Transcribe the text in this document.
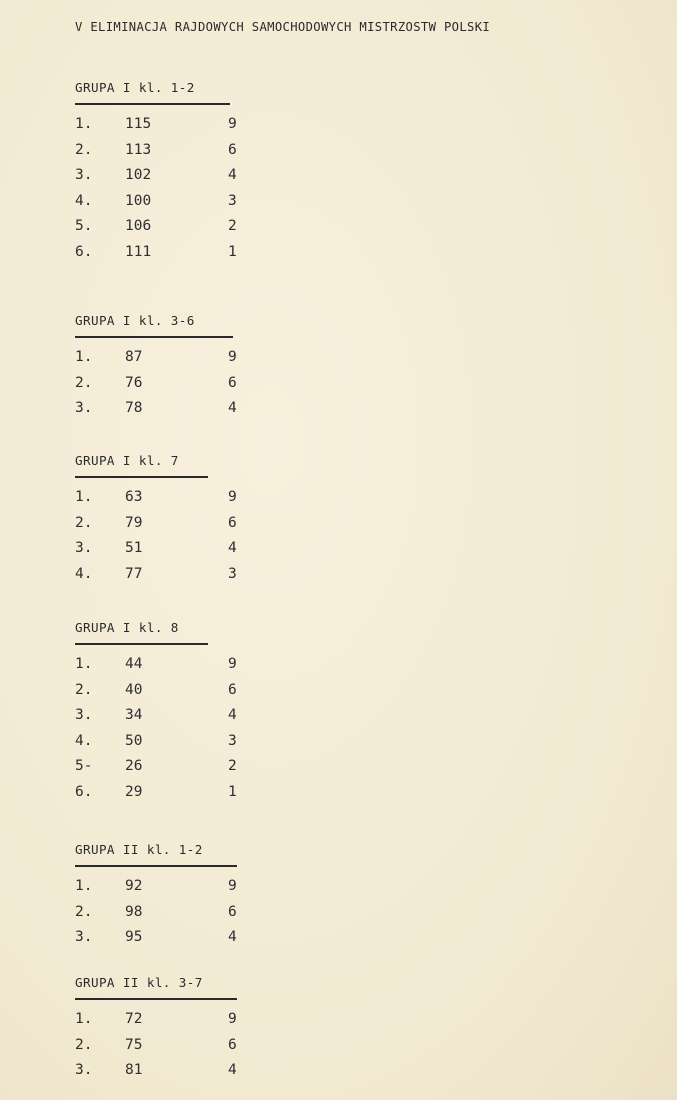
V ELIMINACJA RAJDOWYCH SAMOCHODOWYCH MISTRZOSTW POLSKI
GRUPA I kl. 1-2
1. 115	9
2. 113	6
3. 102	4
4. 100	3
5. 106	2
6. 111	1
GRUPA I kl. 3-6
1. 87	9
2. 76	6
3. 78	4
GRUPA I kl. 7
1. 63	9
2. 79	6
3. 51	4
4. 77	3
GRUPA I kl. 8
1. 44	9
2. 40	6
3. 34	4
4. 50	3
5- 26	2
6. 29	1
GRUPA II kl. 1-2
1. 92	9
2. 98	6
3. 95	4
GRUPA II kl. 3-7
1. 72	9
2. 75	6
3. 81	4
